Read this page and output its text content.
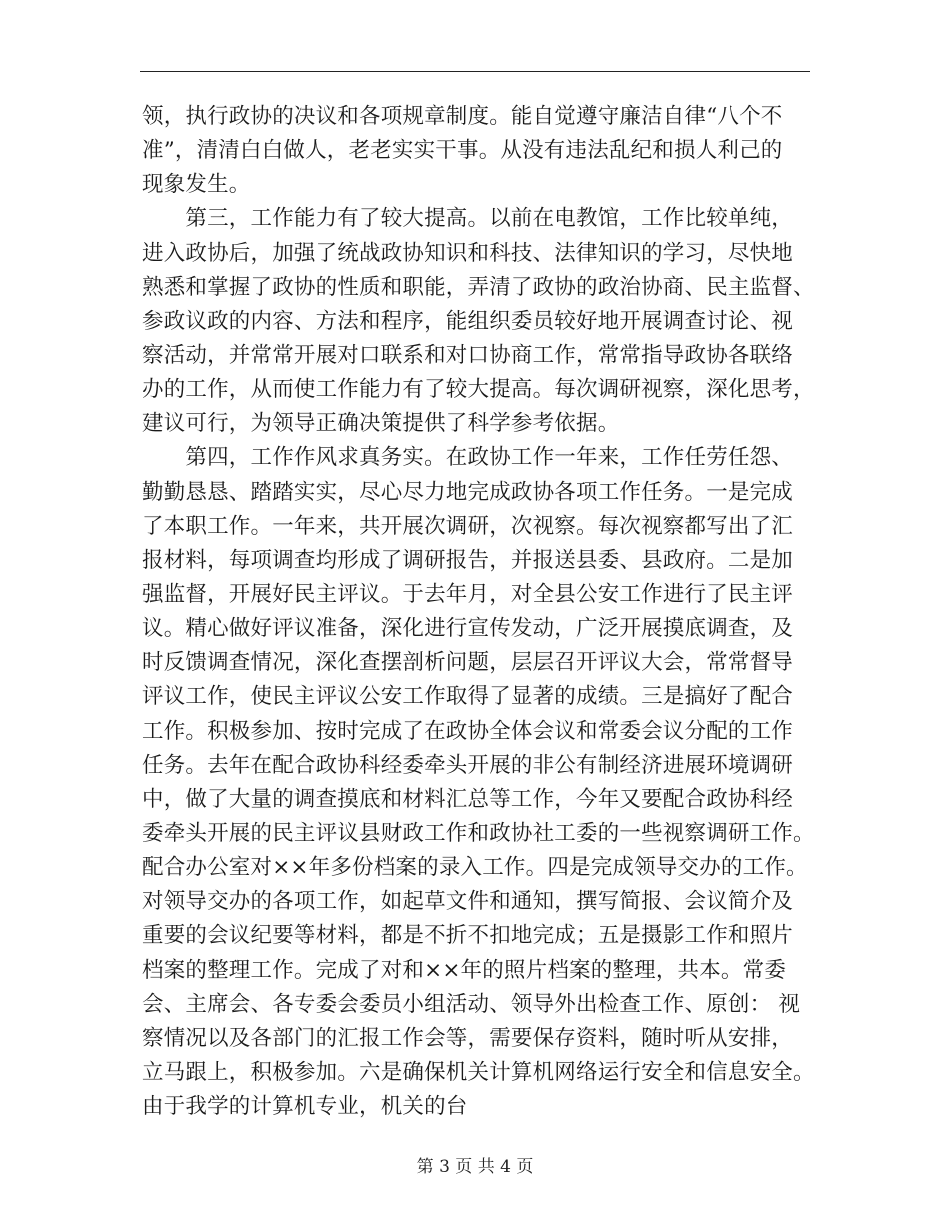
领，执行政协的决议和各项规章制度。能自觉遵守廉洁自律“八个不
准”，清清白白做人，老老实实干事。从没有违法乱纪和损人利己的
现象发生。
　　第三，工作能力有了较大提高。以前在电教馆，工作比较单纯，
进入政协后，加强了统战政协知识和科技、法律知识的学习，尽快地
熟悉和掌握了政协的性质和职能，弄清了政协的政治协商、民主监督、
参政议政的内容、方法和程序，能组织委员较好地开展调查讨论、视
察活动，并常常开展对口联系和对口协商工作，常常指导政协各联络
办的工作，从而使工作能力有了较大提高。每次调研视察，深化思考，
建议可行，为领导正确决策提供了科学参考依据。
　　第四，工作作风求真务实。在政协工作一年来，工作任劳任怨、
勤勤恳恳、踏踏实实，尽心尽力地完成政协各项工作任务。一是完成
了本职工作。一年来，共开展次调研，次视察。每次视察都写出了汇
报材料，每项调查均形成了调研报告，并报送县委、县政府。二是加
强监督，开展好民主评议。于去年月，对全县公安工作进行了民主评
议。精心做好评议准备，深化进行宣传发动，广泛开展摸底调查，及
时反馈调查情况，深化查摆剖析问题，层层召开评议大会，常常督导
评议工作，使民主评议公安工作取得了显著的成绩。三是搞好了配合
工作。积极参加、按时完成了在政协全体会议和常委会议分配的工作
任务。去年在配合政协科经委牵头开展的非公有制经济进展环境调研
中，做了大量的调查摸底和材料汇总等工作，今年又要配合政协科经
委牵头开展的民主评议县财政工作和政协社工委的一些视察调研工作。
配合办公室对××年多份档案的录入工作。四是完成领导交办的工作。
对领导交办的各项工作，如起草文件和通知，撰写简报、会议简介及
重要的会议纪要等材料，都是不折不扣地完成；五是摄影工作和照片
档案的整理工作。完成了对和××年的照片档案的整理，共本。常委
会、主席会、各专委会委员小组活动、领导外出检查工作、原创： 视
察情况以及各部门的汇报工作会等，需要保存资料，随时听从安排，
立马跟上，积极参加。六是确保机关计算机网络运行安全和信息安全。
由于我学的计算机专业，机关的台
第 3 页 共 4 页
